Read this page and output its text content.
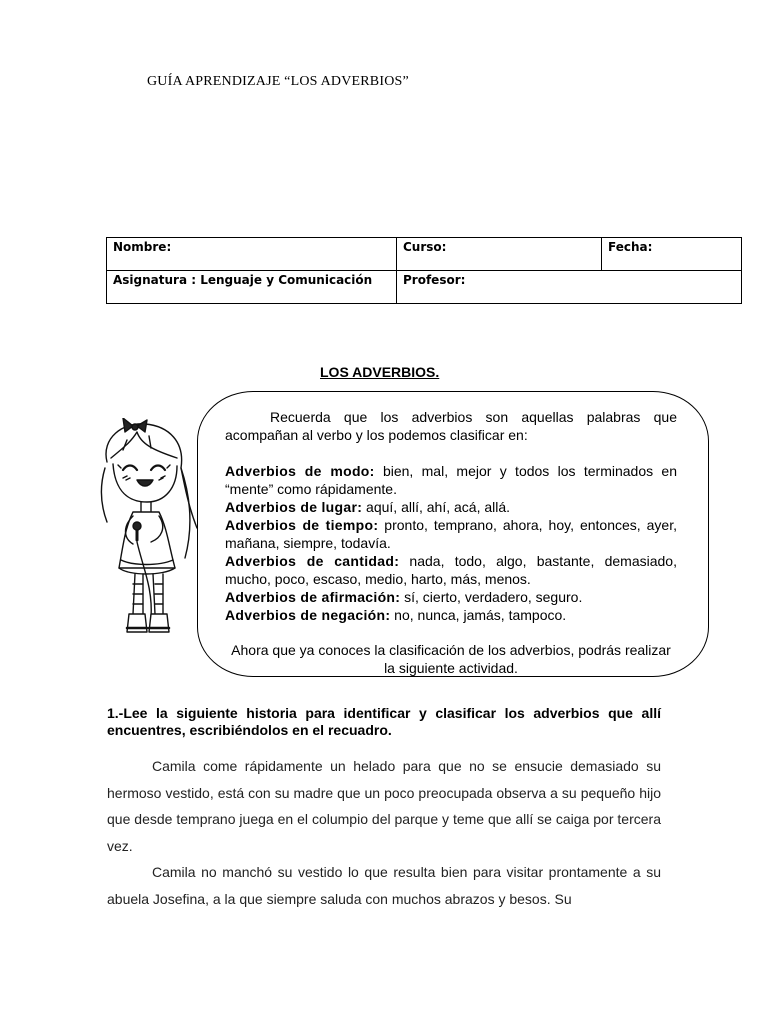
GUÍA APRENDIZAJE “LOS ADVERBIOS”
Nombre:	Curso:	Fecha:
Asignatura : Lenguaje y Comunicación	Profesor:	
LOS ADVERBIOS.

Recuerda que los adverbios son aquellas palabras que acompañan al verbo y los podemos clasificar en:

Adverbios de modo: bien, mal, mejor y todos los terminados en “mente” como rápidamente.

Adverbios de lugar: aquí, allí, ahí, acá, allá.

Adverbios de tiempo: pronto, temprano, ahora, hoy, entonces, ayer, mañana, siempre, todavía.

Adverbios de cantidad: nada, todo, algo, bastante, demasiado, mucho, poco, escaso, medio, harto, más, menos.

Adverbios de afirmación: sí, cierto, verdadero, seguro.

Adverbios de negación: no, nunca, jamás, tampoco.

Ahora que ya conoces la clasificación de los adverbios, podrás realizar la siguiente actividad.

1.-Lee la siguiente historia para identificar y clasificar los adverbios que allí encuentres, escribiéndolos en el recuadro.

Camila come rápidamente un helado para que no se ensucie demasiado su hermoso vestido, está con su madre que un poco preocupada observa a su pequeño hijo que desde temprano juega en el columpio del parque y teme que allí se caiga por tercera vez.

Camila no manchó su vestido lo que resulta bien para visitar prontamente a su abuela Josefina, a la que siempre saluda con muchos abrazos y besos. Su
